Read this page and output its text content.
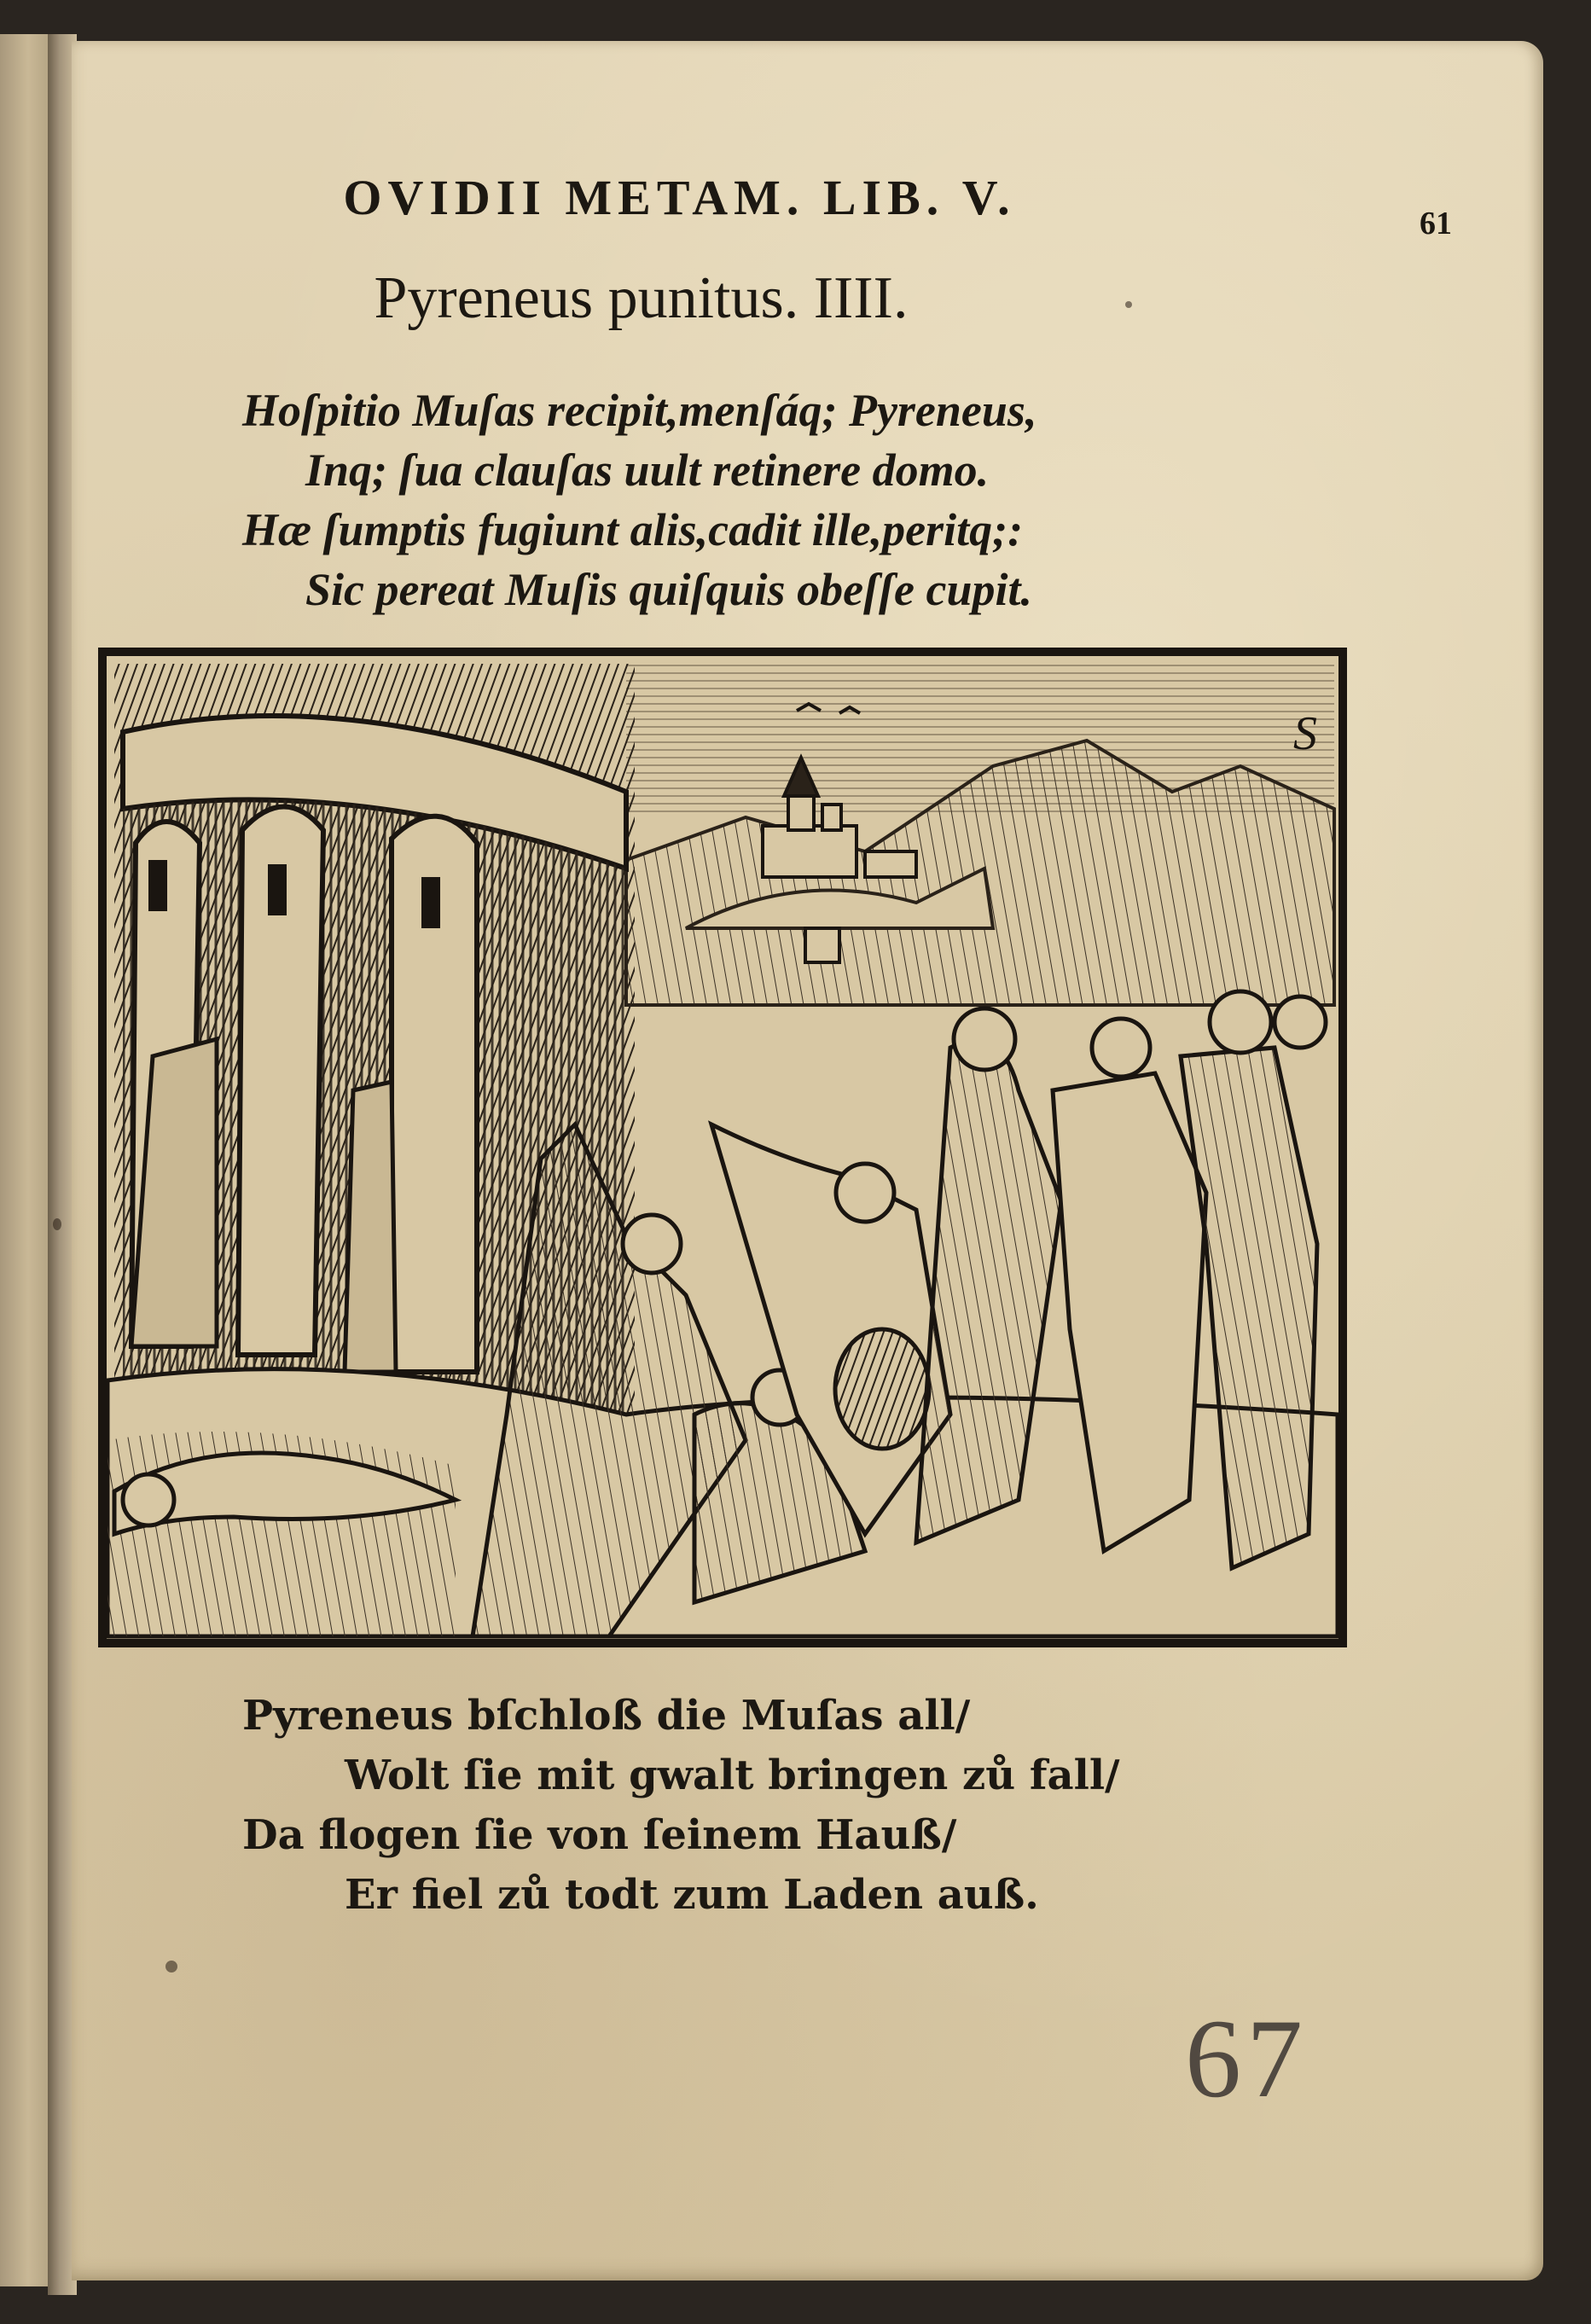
OVIDII METAM. LIB. V.	61
Pyreneus punitus. IIII.
Hoſpitio Muſas recipit,menſáq; Pyreneus,
Inq; ſua clauſas uult retinere domo.
Hæ ſumptis fugiunt alis,cadit ille,peritq;:
Sic pereat Muſis quiſquis obeſſe cupit.
S
Pyreneus bſchloß die Muſas all/
Wolt ſie mit gwalt bringen zů fall/
Da flogen ſie von ſeinem Hauß/
Er fiel zů todt zum Laden auß.
67
